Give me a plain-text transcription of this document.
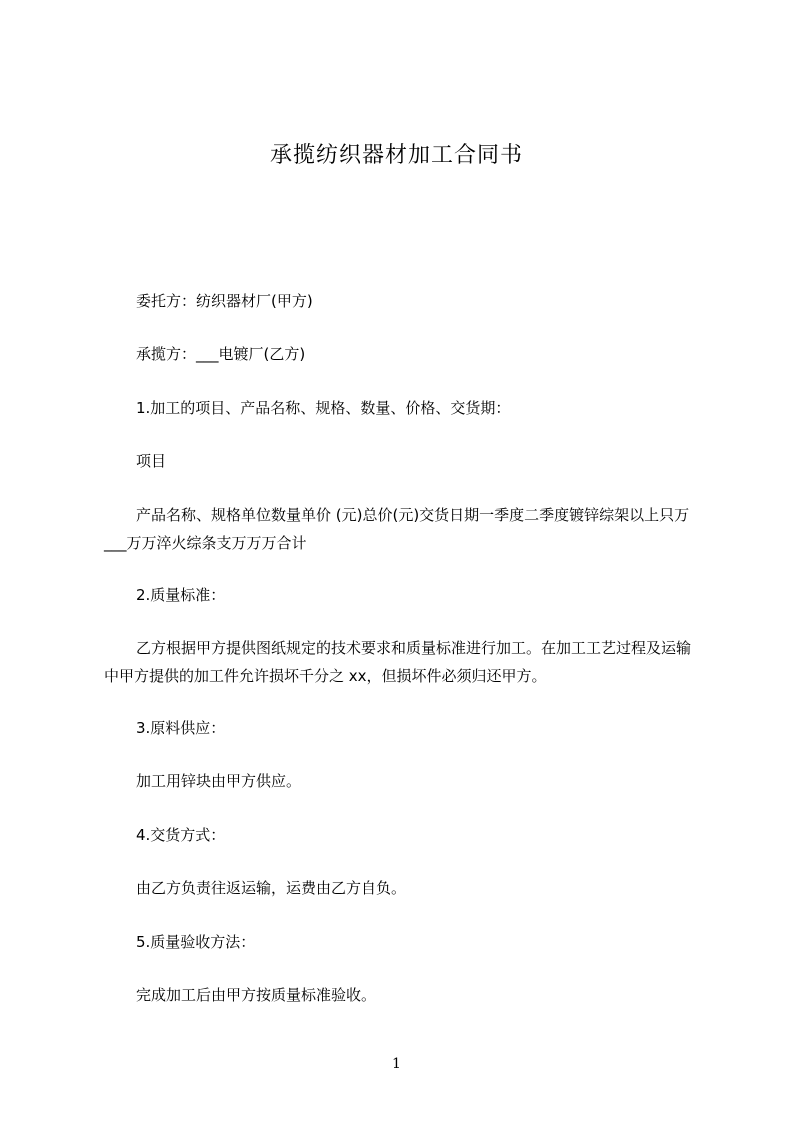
承揽纺织器材加工合同书

委托方：纺织器材厂(甲方)

承揽方：___电镀厂(乙方)

1.加工的项目、产品名称、规格、数量、价格、交货期：

项目

产品名称、规格单位数量单价 (元)总价(元)交货日期一季度二季度镀锌综架以上只万___万万淬火综条支万万万合计

2.质量标准：

乙方根据甲方提供图纸规定的技术要求和质量标准进行加工。在加工工艺过程及运输中甲方提供的加工件允许损坏千分之 xx，但损坏件必须归还甲方。

3.原料供应：

加工用锌块由甲方供应。

4.交货方式：

由乙方负责往返运输，运费由乙方自负。

5.质量验收方法：

完成加工后由甲方按质量标准验收。

1
